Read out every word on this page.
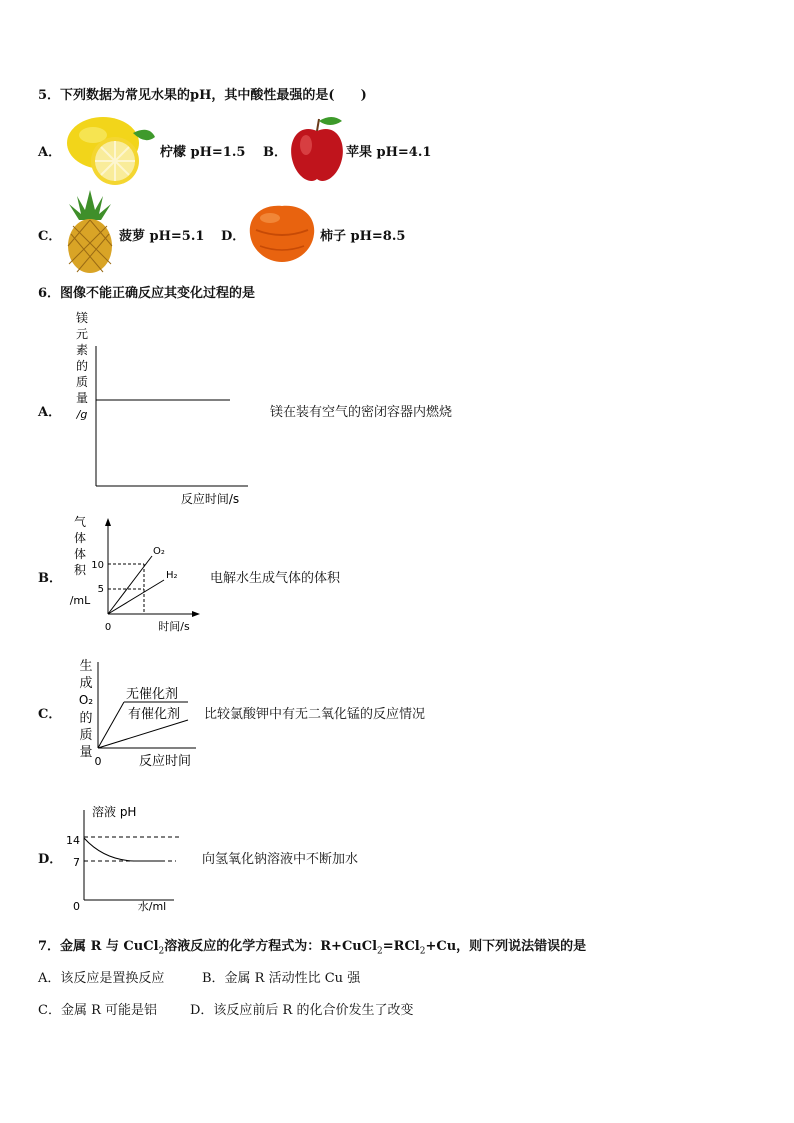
5．下列数据为常见水果的pH，其中酸性最强的是(　　)
A．	柠檬 pH=1.5 B．	苹果 pH=4.1
C．	菠萝 pH=5.1 D．	柿子 pH=8.5
6．图像不能正确反应其变化过程的是
A．
镁
元
素
的
质
量
/g
反应时间/s
镁在装有空气的密闭容器内燃烧
B．
气
体
体
积
/mL
0
10
5
O₂
H₂
时间/s
电解水生成气体的体积
C．
生
成
O₂
的
质
量
无催化剂
有催化剂
0	反应时间
比较氯酸钾中有无二氧化锰的反应情况
D．
溶液 pH
14
7
0	水/ml
向氢氧化钠溶液中不断加水
7．金属 R 与 CuCl$_2$溶液反应的化学方程式为：R+CuCl$_2$=RCl$_2$+Cu，则下列说法错误的是
A．该反应是置换反应	B．金属 R 活动性比 Cu 强
C．金属 R 可能是铝	D．该反应前后 R 的化合价发生了改变
